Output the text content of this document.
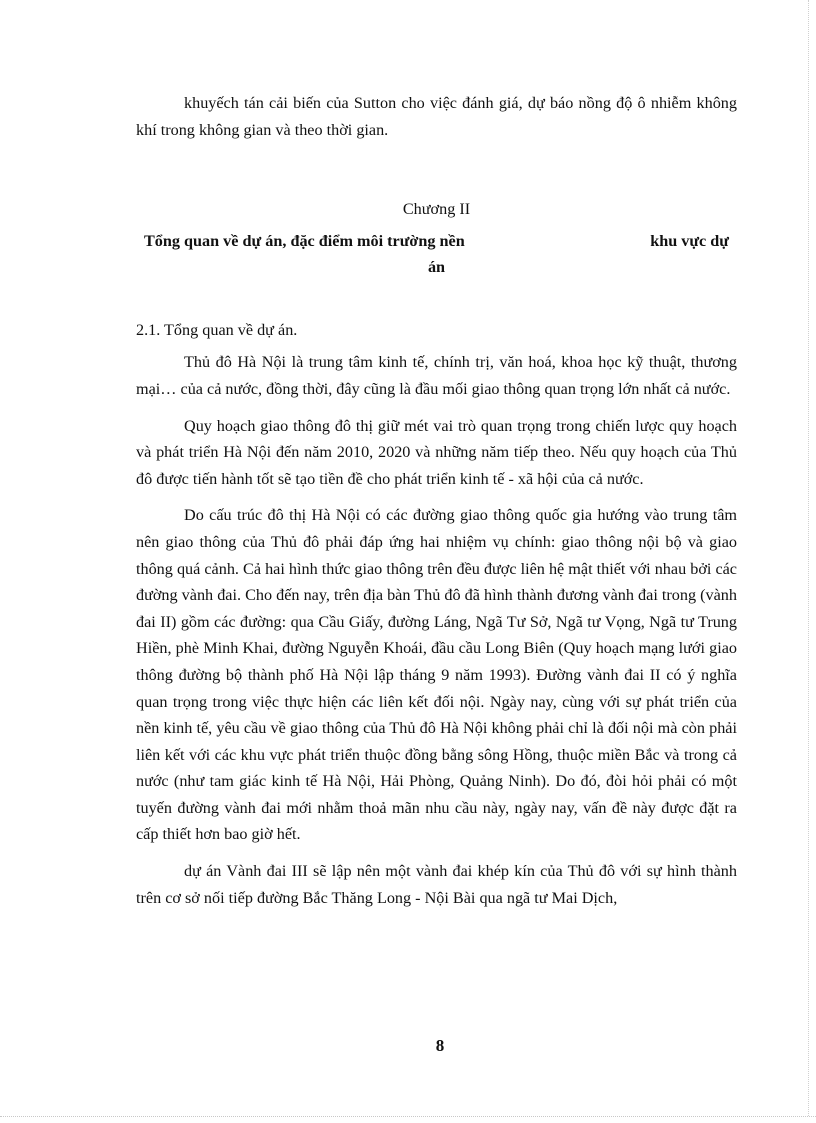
khuyếch tán cải biến của Sutton cho việc đánh giá, dự báo nồng độ ô nhiễm không khí trong không gian và theo thời gian.

Chương II

Tổng quan về dự án, đặc điểm môi trường nền	khu vực dự
án

2.1. Tổng quan về dự án.

Thủ đô Hà Nội là trung tâm kinh tế, chính trị, văn hoá, khoa học kỹ thuật, thương mại… của cả nước, đồng thời, đây cũng là đầu mối giao thông quan trọng lớn nhất cả nước.

Quy hoạch giao thông đô thị giữ mét vai trò quan trọng trong chiến lược quy hoạch và phát triển Hà Nội đến năm 2010, 2020 và những năm tiếp theo. Nếu quy hoạch của Thủ đô được tiến hành tốt sẽ tạo tiền đề cho phát triển kinh tế - xã hội của cả nước.

Do cấu trúc đô thị Hà Nội có các đường giao thông quốc gia hướng vào trung tâm nên giao thông của Thủ đô phải đáp ứng hai nhiệm vụ chính: giao thông nội bộ và giao thông quá cảnh. Cả hai hình thức giao thông trên đều được liên hệ mật thiết với nhau bởi các đường vành đai. Cho đến nay, trên địa bàn Thủ đô đã hình thành đương vành đai trong (vành đai II) gồm các đường: qua Cầu Giấy, đường Láng, Ngã Tư Sở, Ngã tư Vọng, Ngã tư Trung Hiền, phè Minh Khai, đường Nguyễn Khoái, đầu cầu Long Biên (Quy hoạch mạng lưới giao thông đường bộ thành phố Hà Nội lập tháng 9 năm 1993). Đường vành đai II có ý nghĩa quan trọng trong việc thực hiện các liên kết đối nội. Ngày nay, cùng với sự phát triển của nền kinh tế, yêu cầu về giao thông của Thủ đô Hà Nội không phải chỉ là đối nội mà còn phải liên kết với các khu vực phát triển thuộc đồng bằng sông Hồng, thuộc miền Bắc và trong cả nước (như tam giác kinh tế Hà Nội, Hải Phòng, Quảng Ninh). Do đó, đòi hỏi phải có một tuyến đường vành đai mới nhằm thoả mãn nhu cầu này, ngày nay, vấn đề này được đặt ra cấp thiết hơn bao giờ hết.

dự án Vành đai III sẽ lập nên một vành đai khép kín của Thủ đô với sự hình thành trên cơ sở nối tiếp đường Bắc Thăng Long - Nội Bài qua ngã tư Mai Dịch,

8
